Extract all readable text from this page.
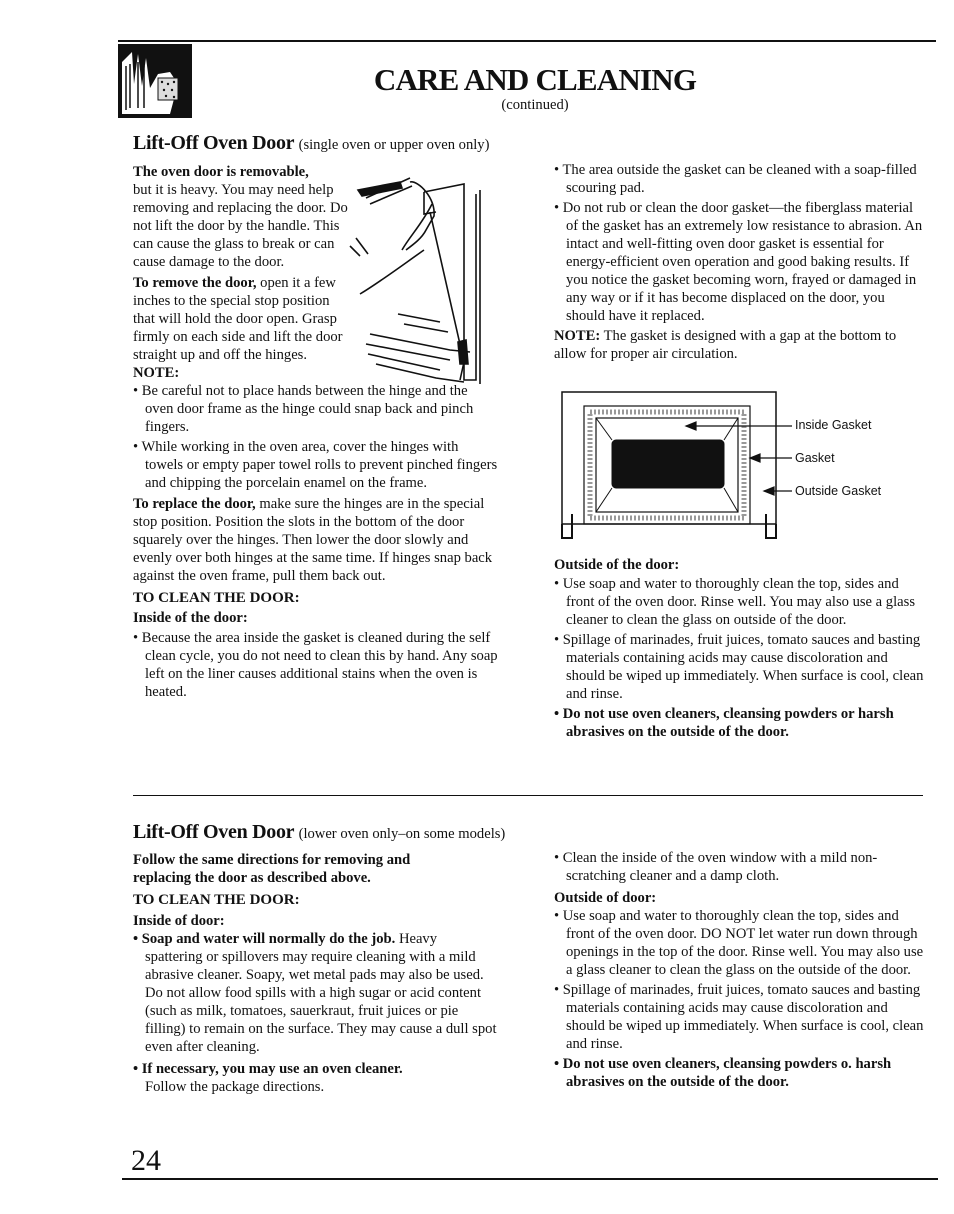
CARE AND CLEANING
(continued)
Lift-Off Oven Door (single oven or upper oven only)

The oven door is removable,
but it is heavy. You may need help removing and replacing the door. Do not lift the door by the handle. This can cause the glass to break or can cause damage to the door.

To remove the door, open it a few inches to the special stop position that will hold the door open. Grasp firmly on each side and lift the door straight up and off the hinges.

NOTE:

• Be careful not to place hands between the hinge and the oven door frame as the hinge could snap back and pinch fingers.

• While working in the oven area, cover the hinges with towels or empty paper towel rolls to prevent pinched fingers and chipping the porcelain enamel on the frame.

To replace the door, make sure the hinges are in the special stop position. Position the slots in the bottom of the door squarely over the hinges. Then lower the door slowly and evenly over both hinges at the same time. If hinges snap back against the oven frame, pull them back out.

TO CLEAN THE DOOR:

Inside of the door:

• Because the area inside the gasket is cleaned during the self clean cycle, you do not need to clean this by hand. Any soap left on the liner causes additional stains when the oven is heated.

• The area outside the gasket can be cleaned with a soap-filled scouring pad.

• Do not rub or clean the door gasket—the fiberglass material of the gasket has an extremely low resistance to abrasion. An intact and well-fitting oven door gasket is essential for energy-efficient oven operation and good baking results. If you notice the gasket becoming worn, frayed or damaged in any way or if it has become displaced on the door, you should have it replaced.

NOTE: The gasket is designed with a gap at the bottom to allow for proper air circulation.

Inside Gasket
Gasket
Outside Gasket

Outside of the door:

• Use soap and water to thoroughly clean the top, sides and front of the oven door. Rinse well. You may also use a glass cleaner to clean the glass on outside of the door.

• Spillage of marinades, fruit juices, tomato sauces and basting materials containing acids may cause discoloration and should be wiped up immediately. When surface is cool, clean and rinse.

• Do not use oven cleaners, cleansing powders or harsh abrasives on the outside of the door.

Lift-Off Oven Door (lower oven only–on some models)

Follow the same directions for removing and replacing the door as described above.

TO CLEAN THE DOOR:

Inside of door:

• Soap and water will normally do the job. Heavy spattering or spillovers may require cleaning with a mild abrasive cleaner. Soapy, wet metal pads may also be used. Do not allow food spills with a high sugar or acid content (such as milk, tomatoes, sauerkraut, fruit juices or pie filling) to remain on the surface. They may cause a dull spot even after cleaning.

• If necessary, you may use an oven cleaner.
Follow the package directions.

• Clean the inside of the oven window with a mild non-scratching cleaner and a damp cloth.

Outside of door:

• Use soap and water to thoroughly clean the top, sides and front of the oven door. DO NOT let water run down through openings in the top of the door. Rinse well. You may also use a glass cleaner to clean the glass on the outside of the door.

• Spillage of marinades, fruit juices, tomato sauces and basting materials containing acids may cause discoloration and should be wiped up immediately. When surface is cool, clean and rinse.

• Do not use oven cleaners, cleansing powders o. harsh abrasives on the outside of the door.

24
